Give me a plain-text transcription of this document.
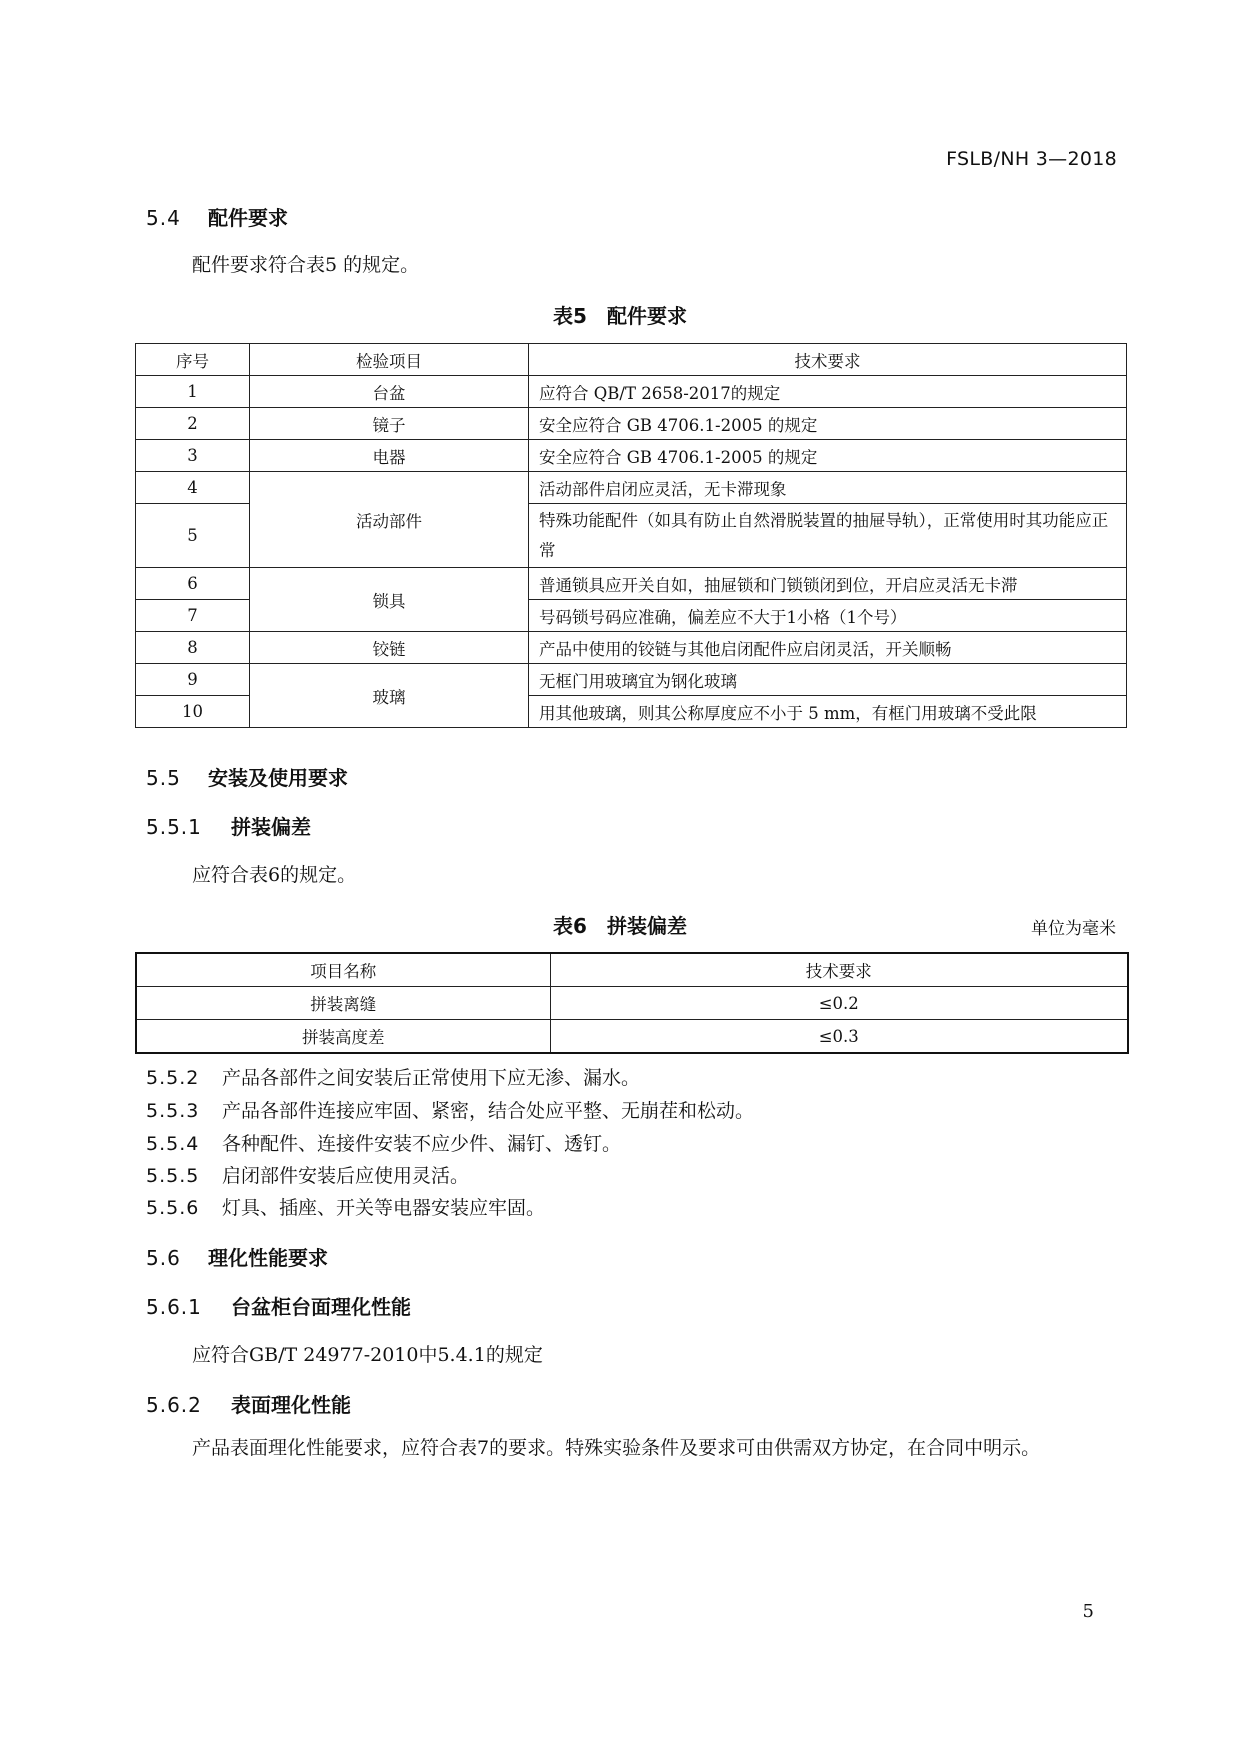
FSLB/NH 3—2018
5.4 配件要求
配件要求符合表5 的规定。
表5　配件要求
序号	检验项目	技术要求
1	台盆	应符合 QB/T 2658-2017的规定
2	镜子	安全应符合 GB 4706.1-2005 的规定
3	电器	安全应符合 GB 4706.1-2005 的规定
4	活动部件	活动部件启闭应灵活，无卡滞现象
5		特殊功能配件（如具有防止自然滑脱装置的抽屉导轨），正常使用时其功能应正常
6	锁具	普通锁具应开关自如，抽屉锁和门锁锁闭到位，开启应灵活无卡滞
7		号码锁号码应准确，偏差应不大于1小格（1个号）
8	铰链	产品中使用的铰链与其他启闭配件应启闭灵活，开关顺畅
9	玻璃	无框门用玻璃宜为钢化玻璃
10		用其他玻璃，则其公称厚度应不小于 5 mm，有框门用玻璃不受此限
5.5 安装及使用要求
5.5.1 拼装偏差
应符合表6的规定。
表6　拼装偏差	单位为毫米
项目名称	技术要求
拼装离缝	≤0.2
拼装高度差	≤0.3
5.5.2 产品各部件之间安装后正常使用下应无渗、漏水。
5.5.3 产品各部件连接应牢固、紧密，结合处应平整、无崩茬和松动。
5.5.4 各种配件、连接件安装不应少件、漏钉、透钉。
5.5.5 启闭部件安装后应使用灵活。
5.5.6 灯具、插座、开关等电器安装应牢固。
5.6 理化性能要求
5.6.1 台盆柜台面理化性能
应符合GB/T 24977-2010中5.4.1的规定
5.6.2 表面理化性能
产品表面理化性能要求，应符合表7的要求。特殊实验条件及要求可由供需双方协定，在合同中明示。
5
